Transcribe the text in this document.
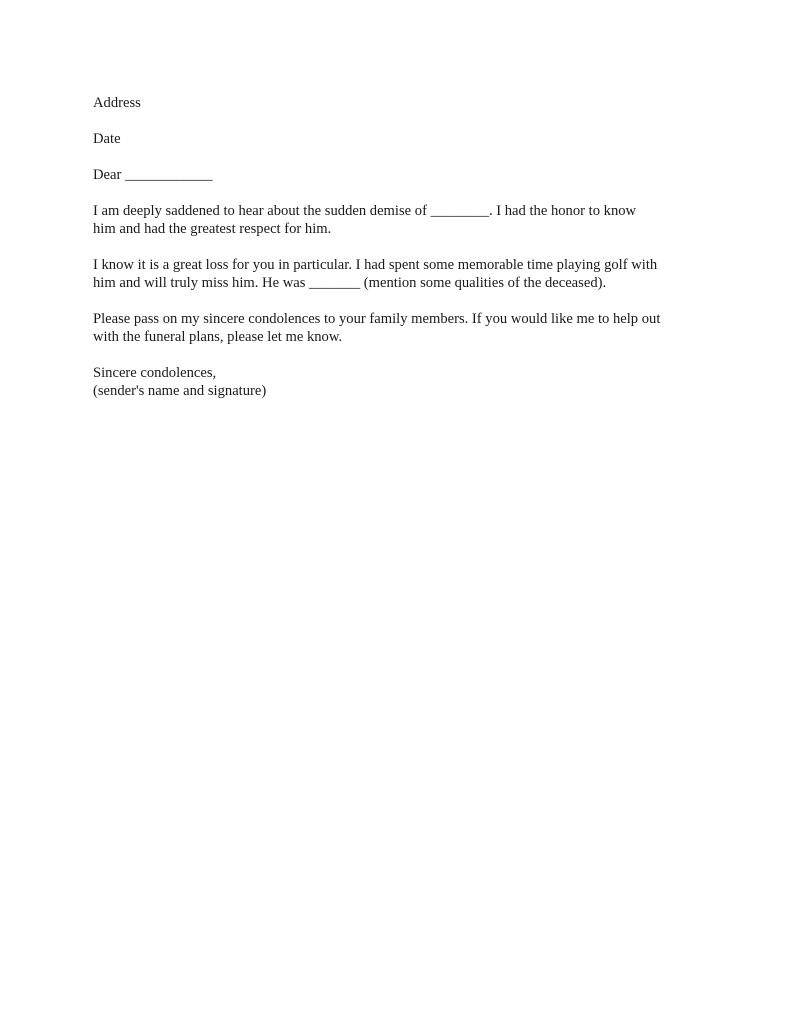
Address
Date
Dear ____________
I am deeply saddened to hear about the sudden demise of ________. I had the honor to know
him and had the greatest respect for him.
I know it is a great loss for you in particular. I had spent some memorable time playing golf with
him and will truly miss him. He was _______ (mention some qualities of the deceased).
Please pass on my sincere condolences to your family members. If you would like me to help out
with the funeral plans, please let me know.
Sincere condolences,
(sender's name and signature)
